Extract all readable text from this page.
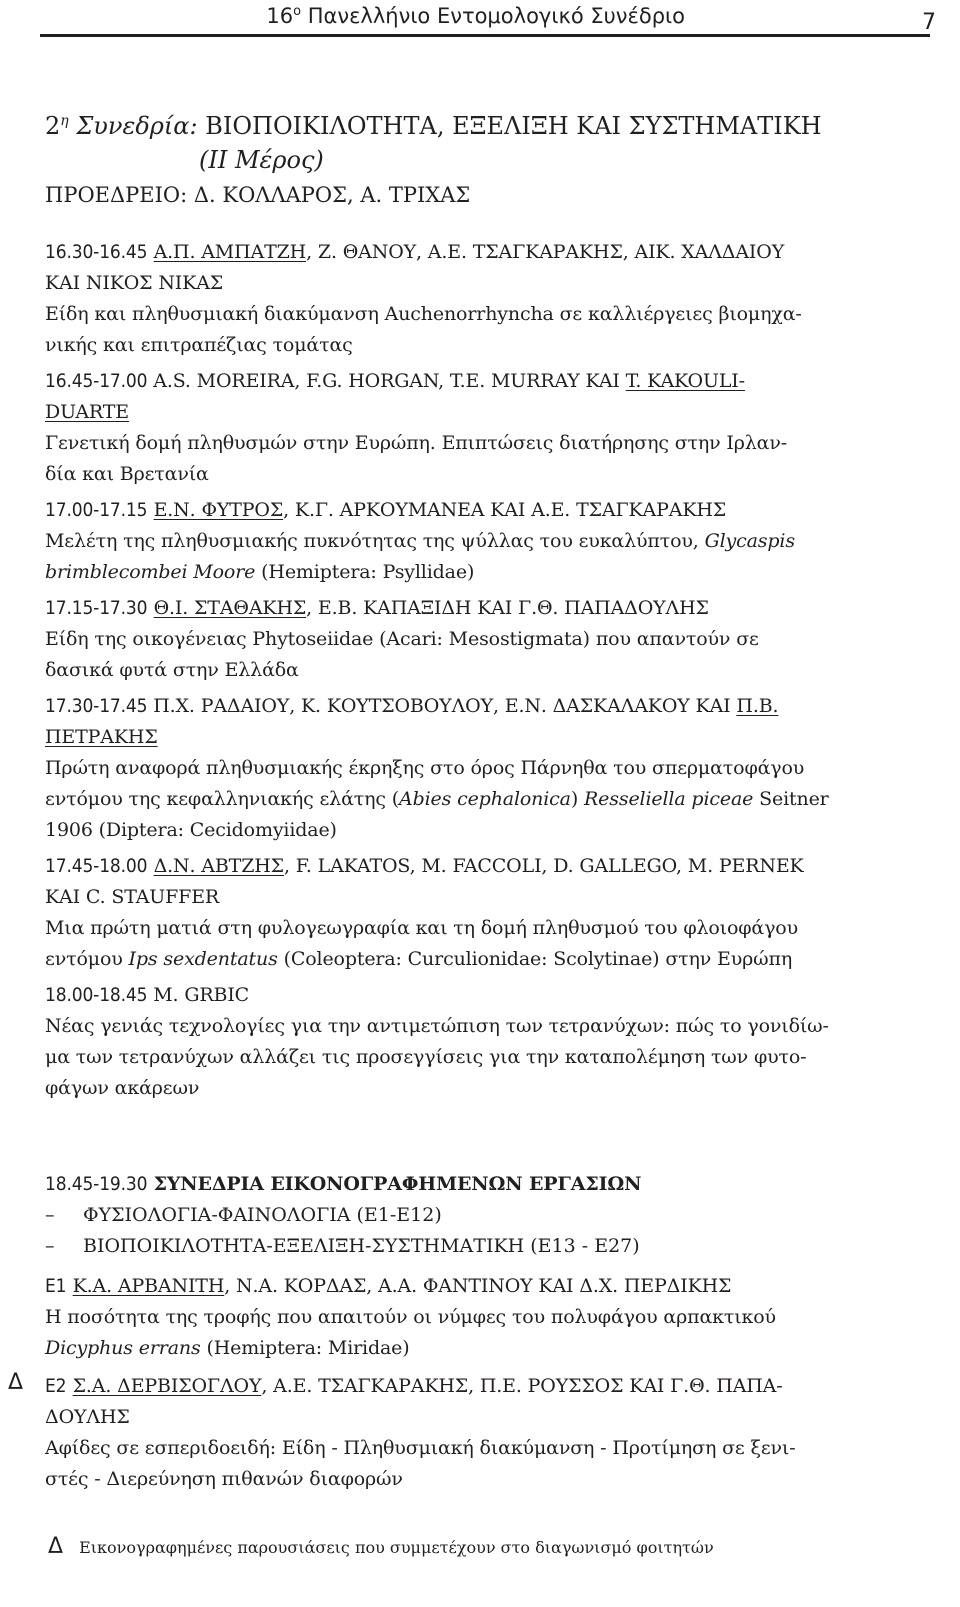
$16^o$ Πανελλήνιο Εντομολογικό Συνέδριο	7
$2^\eta$ Συνεδρία: ΒΙΟΠΟΙΚΙΛΟΤΗΤΑ, ΕΞΕΛΙΞΗ ΚΑΙ ΣΥΣΤΗΜΑΤΙΚΗ
(ΙΙ Μέρος)
ΠΡΟΕΔΡΕΙΟ: Δ. ΚΟΛΛΑΡΟΣ, Α. ΤΡΙΧΑΣ
16.30-16.45 Α.Π. ΑΜΠΑΤΖΗ, Ζ. ΘΑΝΟΥ, Α.Ε. ΤΣΑΓΚΑΡΑΚΗΣ, ΑΙΚ. ΧΑΛΔΑΙΟΥ
ΚΑΙ ΝΙΚΟΣ ΝΙΚΑΣ
Είδη και πληθυσμιακή διακύμανση Auchenorrhyncha σε καλλιέργειες βιομηχα-
νικής και επιτραπέζιας τομάτας
16.45-17.00 A.S. MOREIRA, F.G. HORGAN, T.E. MURRAY KAI T. KAKOULI-
DUARTE
Γενετική δομή πληθυσμών στην Ευρώπη. Επιπτώσεις διατήρησης στην Ιρλαν-
δία και Βρετανία
17.00-17.15 Ε.Ν. ΦΥΤΡΟΣ, Κ.Γ. ΑΡΚΟΥΜΑΝΕΑ ΚΑΙ Α.Ε. ΤΣΑΓΚΑΡΑΚΗΣ
Μελέτη της πληθυσμιακής πυκνότητας της ψύλλας του ευκαλύπτου, Glycaspis
brimblecombei Moore (Hemiptera: Psyllidae)
17.15-17.30 Θ.Ι. ΣΤΑΘΑΚΗΣ, Ε.Β. ΚΑΠΑΞΙΔΗ ΚΑΙ Γ.Θ. ΠΑΠΑΔΟΥΛΗΣ
Είδη της οικογένειας Phytoseiidae (Acari: Mesostigmata) που απαντούν σε
δασικά φυτά στην Ελλάδα
17.30-17.45 Π.Χ. ΡΑΔΑΙΟΥ, Κ. ΚΟΥΤΣΟΒΟΥΛΟΥ, Ε.Ν. ΔΑΣΚΑΛΑΚΟΥ ΚΑΙ Π.Β.
ΠΕΤΡΑΚΗΣ
Πρώτη αναφορά πληθυσμιακής έκρηξης στο όρος Πάρνηθα του σπερματοφάγου
εντόμου της κεφαλληνιακής ελάτης (Abies cephalonica) Resseliella piceae Seitner
1906 (Diptera: Cecidomyiidae)
17.45-18.00 Δ.Ν. ΑΒΤΖΗΣ, F. LAKATOS, M. FACCOLI, D. GALLEGO, M. PERNEK
ΚΑΙ C. STAUFFER
Μια πρώτη ματιά στη φυλογεωγραφία και τη δομή πληθυσμού του φλοιοφάγου
εντόμου Ips sexdentatus (Coleoptera: Curculionidae: Scolytinae) στην Ευρώπη
18.00-18.45 M. GRBIC
Νέας γενιάς τεχνολογίες για την αντιμετώπιση των τετρανύχων: πώς το γονιδίω-
μα των τετρανύχων αλλάζει τις προσεγγίσεις για την καταπολέμηση των φυτο-
φάγων ακάρεων
18.45-19.30 ΣΥΝΕΔΡΙΑ ΕΙΚΟΝΟΓΡΑΦΗΜΕΝΩΝ ΕΡΓΑΣΙΩΝ
– ΦΥΣΙΟΛΟΓΙΑ-ΦΑΙΝΟΛΟΓΙΑ (Ε1-Ε12)
– ΒΙΟΠΟΙΚΙΛΟΤΗΤΑ-ΕΞΕΛΙΞΗ-ΣΥΣΤΗΜΑΤΙΚΗ (Ε13 - Ε27)
Ε1 Κ.Α. ΑΡΒΑΝΙΤΗ, Ν.Α. ΚΟΡΔΑΣ, Α.Α. ΦΑΝΤΙΝΟΥ ΚΑΙ Δ.Χ. ΠΕΡΔΙΚΗΣ
Η ποσότητα της τροφής που απαιτούν οι νύμφες του πολυφάγου αρπακτικού
Dicyphus errans (Hemiptera: Miridae)
Δ Ε2 Σ.Α. ΔΕΡΒΙΣΟΓΛΟΥ, Α.Ε. ΤΣΑΓΚΑΡΑΚΗΣ, Π.Ε. ΡΟΥΣΣΟΣ ΚΑΙ Γ.Θ. ΠΑΠΑ-
ΔΟΥΛΗΣ
Αφίδες σε εσπεριδοειδή: Είδη - Πληθυσμιακή διακύμανση - Προτίμηση σε ξενι-
στές - Διερεύνηση πιθανών διαφορών
Δ Εικονογραφημένες παρουσιάσεις που συμμετέχουν στο διαγωνισμό φοιτητών
